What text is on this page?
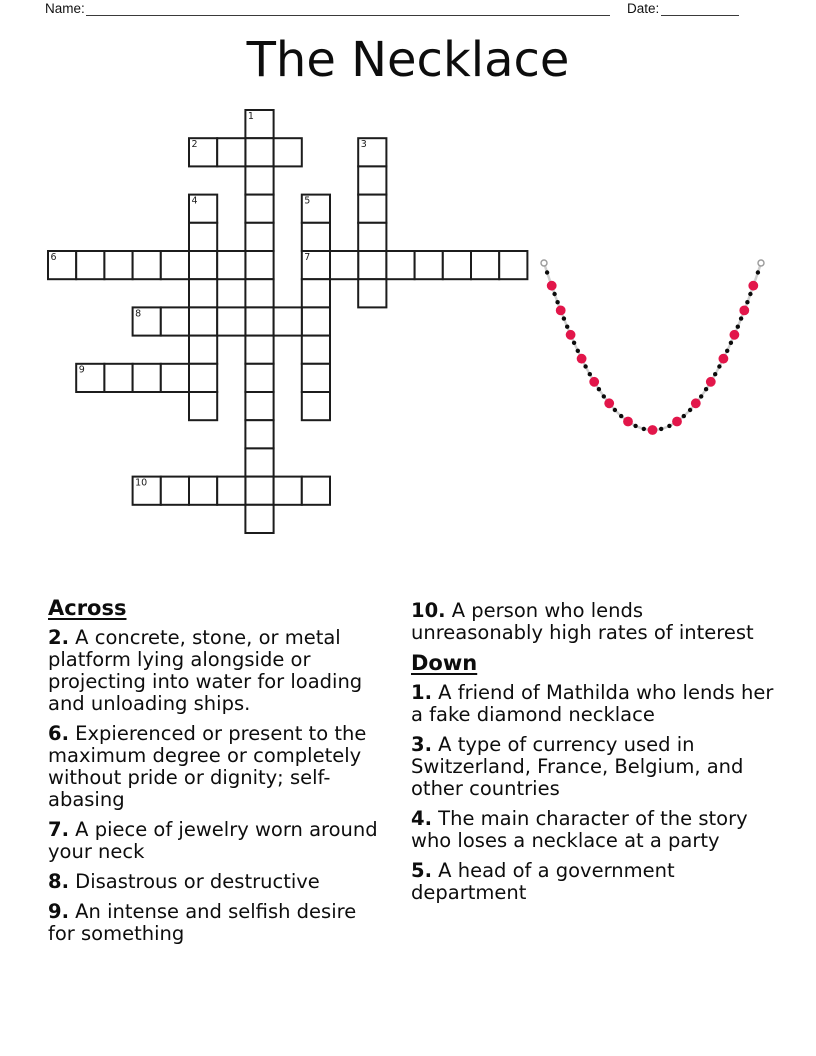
Name:	Date:
The Necklace
1
2	3
4	5
6	7
8
9
10
Across

2. A concrete, stone, or metal platform lying alongside or projecting into water for loading and unloading ships.

6. Expierenced or present to the maximum degree or completely without pride or dignity; self-abasing

7. A piece of jewelry worn around your neck

8. Disastrous or destructive

9. An intense and selfish desire for something

10. A person who lends unreasonably high rates of interest

Down

1. A friend of Mathilda who lends her a fake diamond necklace

3. A type of currency used in Switzerland, France, Belgium, and other countries

4. The main character of the story who loses a necklace at a party

5. A head of a government department
